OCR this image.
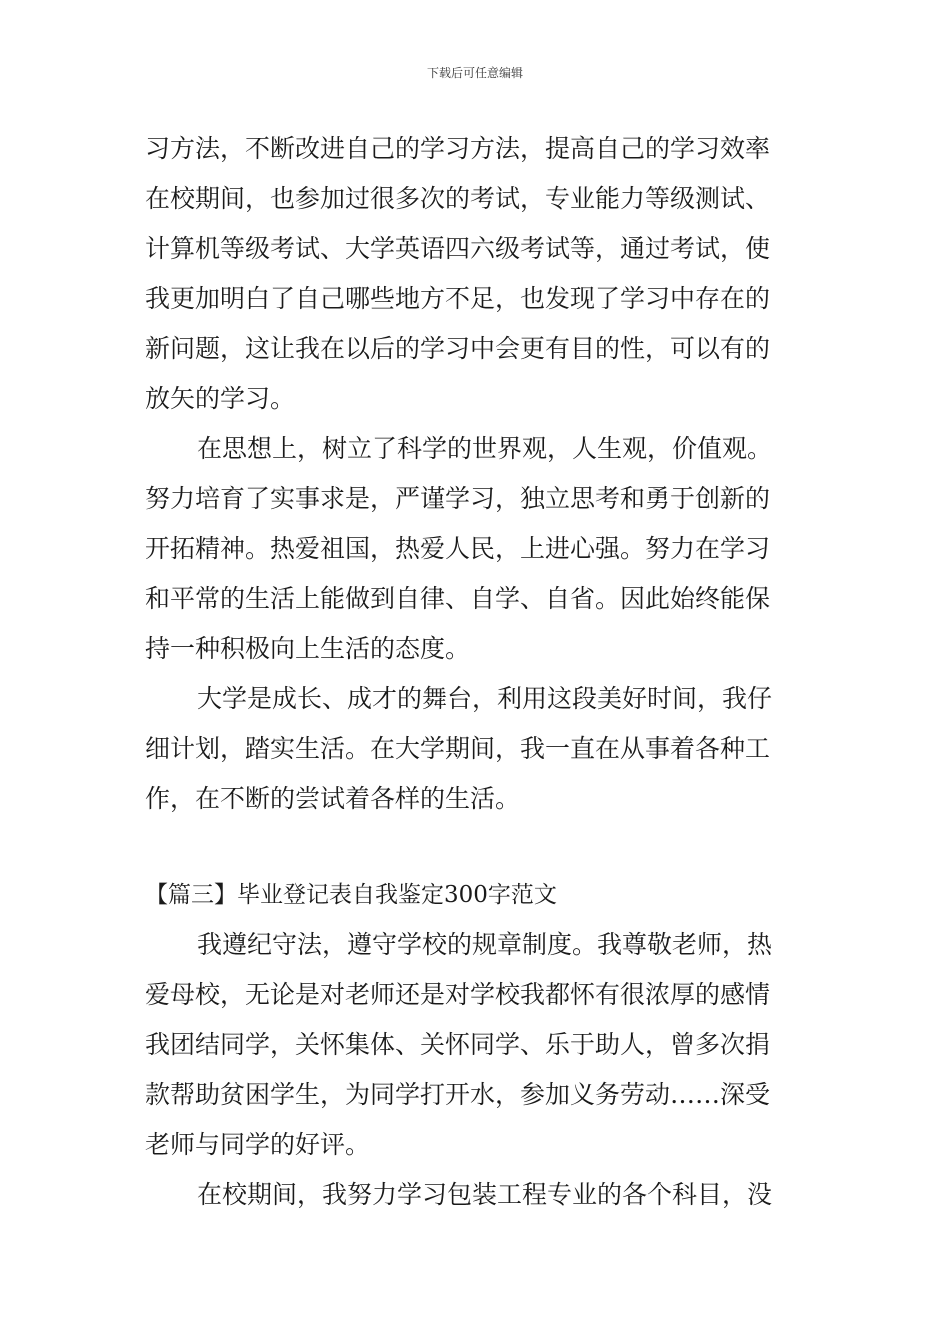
下载后可任意编辑
习方法，不断改进自己的学习方法，提高自己的学习效率
在校期间，也参加过很多次的考试，专业能力等级测试、
计算机等级考试、大学英语四六级考试等，通过考试，使
我更加明白了自己哪些地方不足，也发现了学习中存在的
新问题，这让我在以后的学习中会更有目的性，可以有的
放矢的学习。
在思想上，树立了科学的世界观，人生观，价值观。
努力培育了实事求是，严谨学习，独立思考和勇于创新的
开拓精神。热爱祖国，热爱人民，上进心强。努力在学习
和平常的生活上能做到自律、自学、自省。因此始终能保
持一种积极向上生活的态度。
大学是成长、成才的舞台，利用这段美好时间，我仔
细计划，踏实生活。在大学期间，我一直在从事着各种工
作，在不断的尝试着各样的生活。
【篇三】毕业登记表自我鉴定300字范文
我遵纪守法，遵守学校的规章制度。我尊敬老师，热
爱母校，无论是对老师还是对学校我都怀有很浓厚的感情
我团结同学，关怀集体、关怀同学、乐于助人，曾多次捐
款帮助贫困学生，为同学打开水，参加义务劳动……深受
老师与同学的好评。
在校期间，我努力学习包装工程专业的各个科目，没
